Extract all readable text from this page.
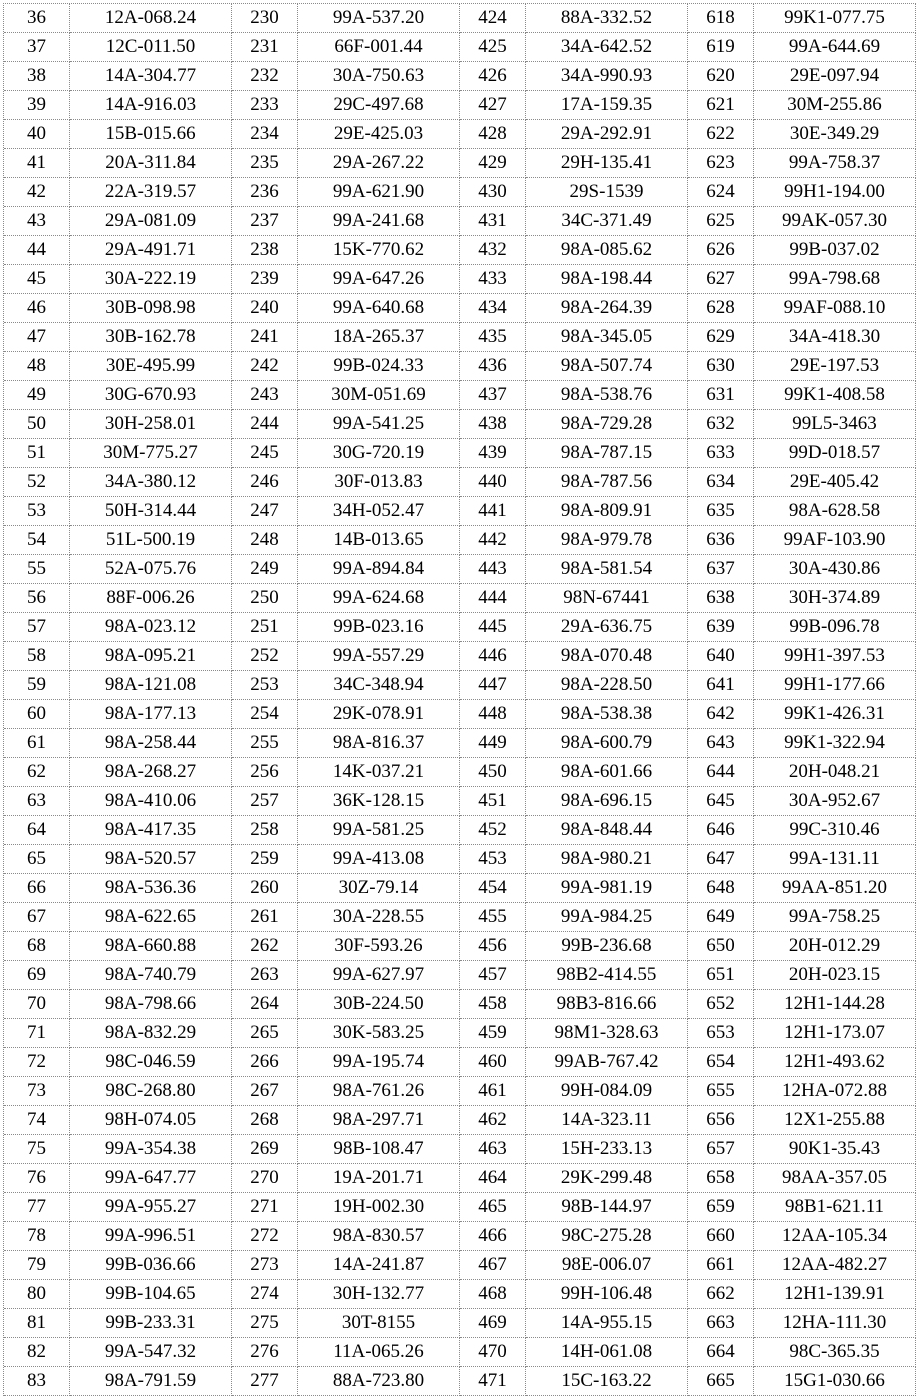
36	12A-068.24	230	99A-537.20	424	88A-332.52	618	99K1-077.75
37	12C-011.50	231	66F-001.44	425	34A-642.52	619	99A-644.69
38	14A-304.77	232	30A-750.63	426	34A-990.93	620	29E-097.94
39	14A-916.03	233	29C-497.68	427	17A-159.35	621	30M-255.86
40	15B-015.66	234	29E-425.03	428	29A-292.91	622	30E-349.29
41	20A-311.84	235	29A-267.22	429	29H-135.41	623	99A-758.37
42	22A-319.57	236	99A-621.90	430	29S-1539	624	99H1-194.00
43	29A-081.09	237	99A-241.68	431	34C-371.49	625	99AK-057.30
44	29A-491.71	238	15K-770.62	432	98A-085.62	626	99B-037.02
45	30A-222.19	239	99A-647.26	433	98A-198.44	627	99A-798.68
46	30B-098.98	240	99A-640.68	434	98A-264.39	628	99AF-088.10
47	30B-162.78	241	18A-265.37	435	98A-345.05	629	34A-418.30
48	30E-495.99	242	99B-024.33	436	98A-507.74	630	29E-197.53
49	30G-670.93	243	30M-051.69	437	98A-538.76	631	99K1-408.58
50	30H-258.01	244	99A-541.25	438	98A-729.28	632	99L5-3463
51	30M-775.27	245	30G-720.19	439	98A-787.15	633	99D-018.57
52	34A-380.12	246	30F-013.83	440	98A-787.56	634	29E-405.42
53	50H-314.44	247	34H-052.47	441	98A-809.91	635	98A-628.58
54	51L-500.19	248	14B-013.65	442	98A-979.78	636	99AF-103.90
55	52A-075.76	249	99A-894.84	443	98A-581.54	637	30A-430.86
56	88F-006.26	250	99A-624.68	444	98N-67441	638	30H-374.89
57	98A-023.12	251	99B-023.16	445	29A-636.75	639	99B-096.78
58	98A-095.21	252	99A-557.29	446	98A-070.48	640	99H1-397.53
59	98A-121.08	253	34C-348.94	447	98A-228.50	641	99H1-177.66
60	98A-177.13	254	29K-078.91	448	98A-538.38	642	99K1-426.31
61	98A-258.44	255	98A-816.37	449	98A-600.79	643	99K1-322.94
62	98A-268.27	256	14K-037.21	450	98A-601.66	644	20H-048.21
63	98A-410.06	257	36K-128.15	451	98A-696.15	645	30A-952.67
64	98A-417.35	258	99A-581.25	452	98A-848.44	646	99C-310.46
65	98A-520.57	259	99A-413.08	453	98A-980.21	647	99A-131.11
66	98A-536.36	260	30Z-79.14	454	99A-981.19	648	99AA-851.20
67	98A-622.65	261	30A-228.55	455	99A-984.25	649	99A-758.25
68	98A-660.88	262	30F-593.26	456	99B-236.68	650	20H-012.29
69	98A-740.79	263	99A-627.97	457	98B2-414.55	651	20H-023.15
70	98A-798.66	264	30B-224.50	458	98B3-816.66	652	12H1-144.28
71	98A-832.29	265	30K-583.25	459	98M1-328.63	653	12H1-173.07
72	98C-046.59	266	99A-195.74	460	99AB-767.42	654	12H1-493.62
73	98C-268.80	267	98A-761.26	461	99H-084.09	655	12HA-072.88
74	98H-074.05	268	98A-297.71	462	14A-323.11	656	12X1-255.88
75	99A-354.38	269	98B-108.47	463	15H-233.13	657	90K1-35.43
76	99A-647.77	270	19A-201.71	464	29K-299.48	658	98AA-357.05
77	99A-955.27	271	19H-002.30	465	98B-144.97	659	98B1-621.11
78	99A-996.51	272	98A-830.57	466	98C-275.28	660	12AA-105.34
79	99B-036.66	273	14A-241.87	467	98E-006.07	661	12AA-482.27
80	99B-104.65	274	30H-132.77	468	99H-106.48	662	12H1-139.91
81	99B-233.31	275	30T-8155	469	14A-955.15	663	12HA-111.30
82	99A-547.32	276	11A-065.26	470	14H-061.08	664	98C-365.35
83	98A-791.59	277	88A-723.80	471	15C-163.22	665	15G1-030.66
